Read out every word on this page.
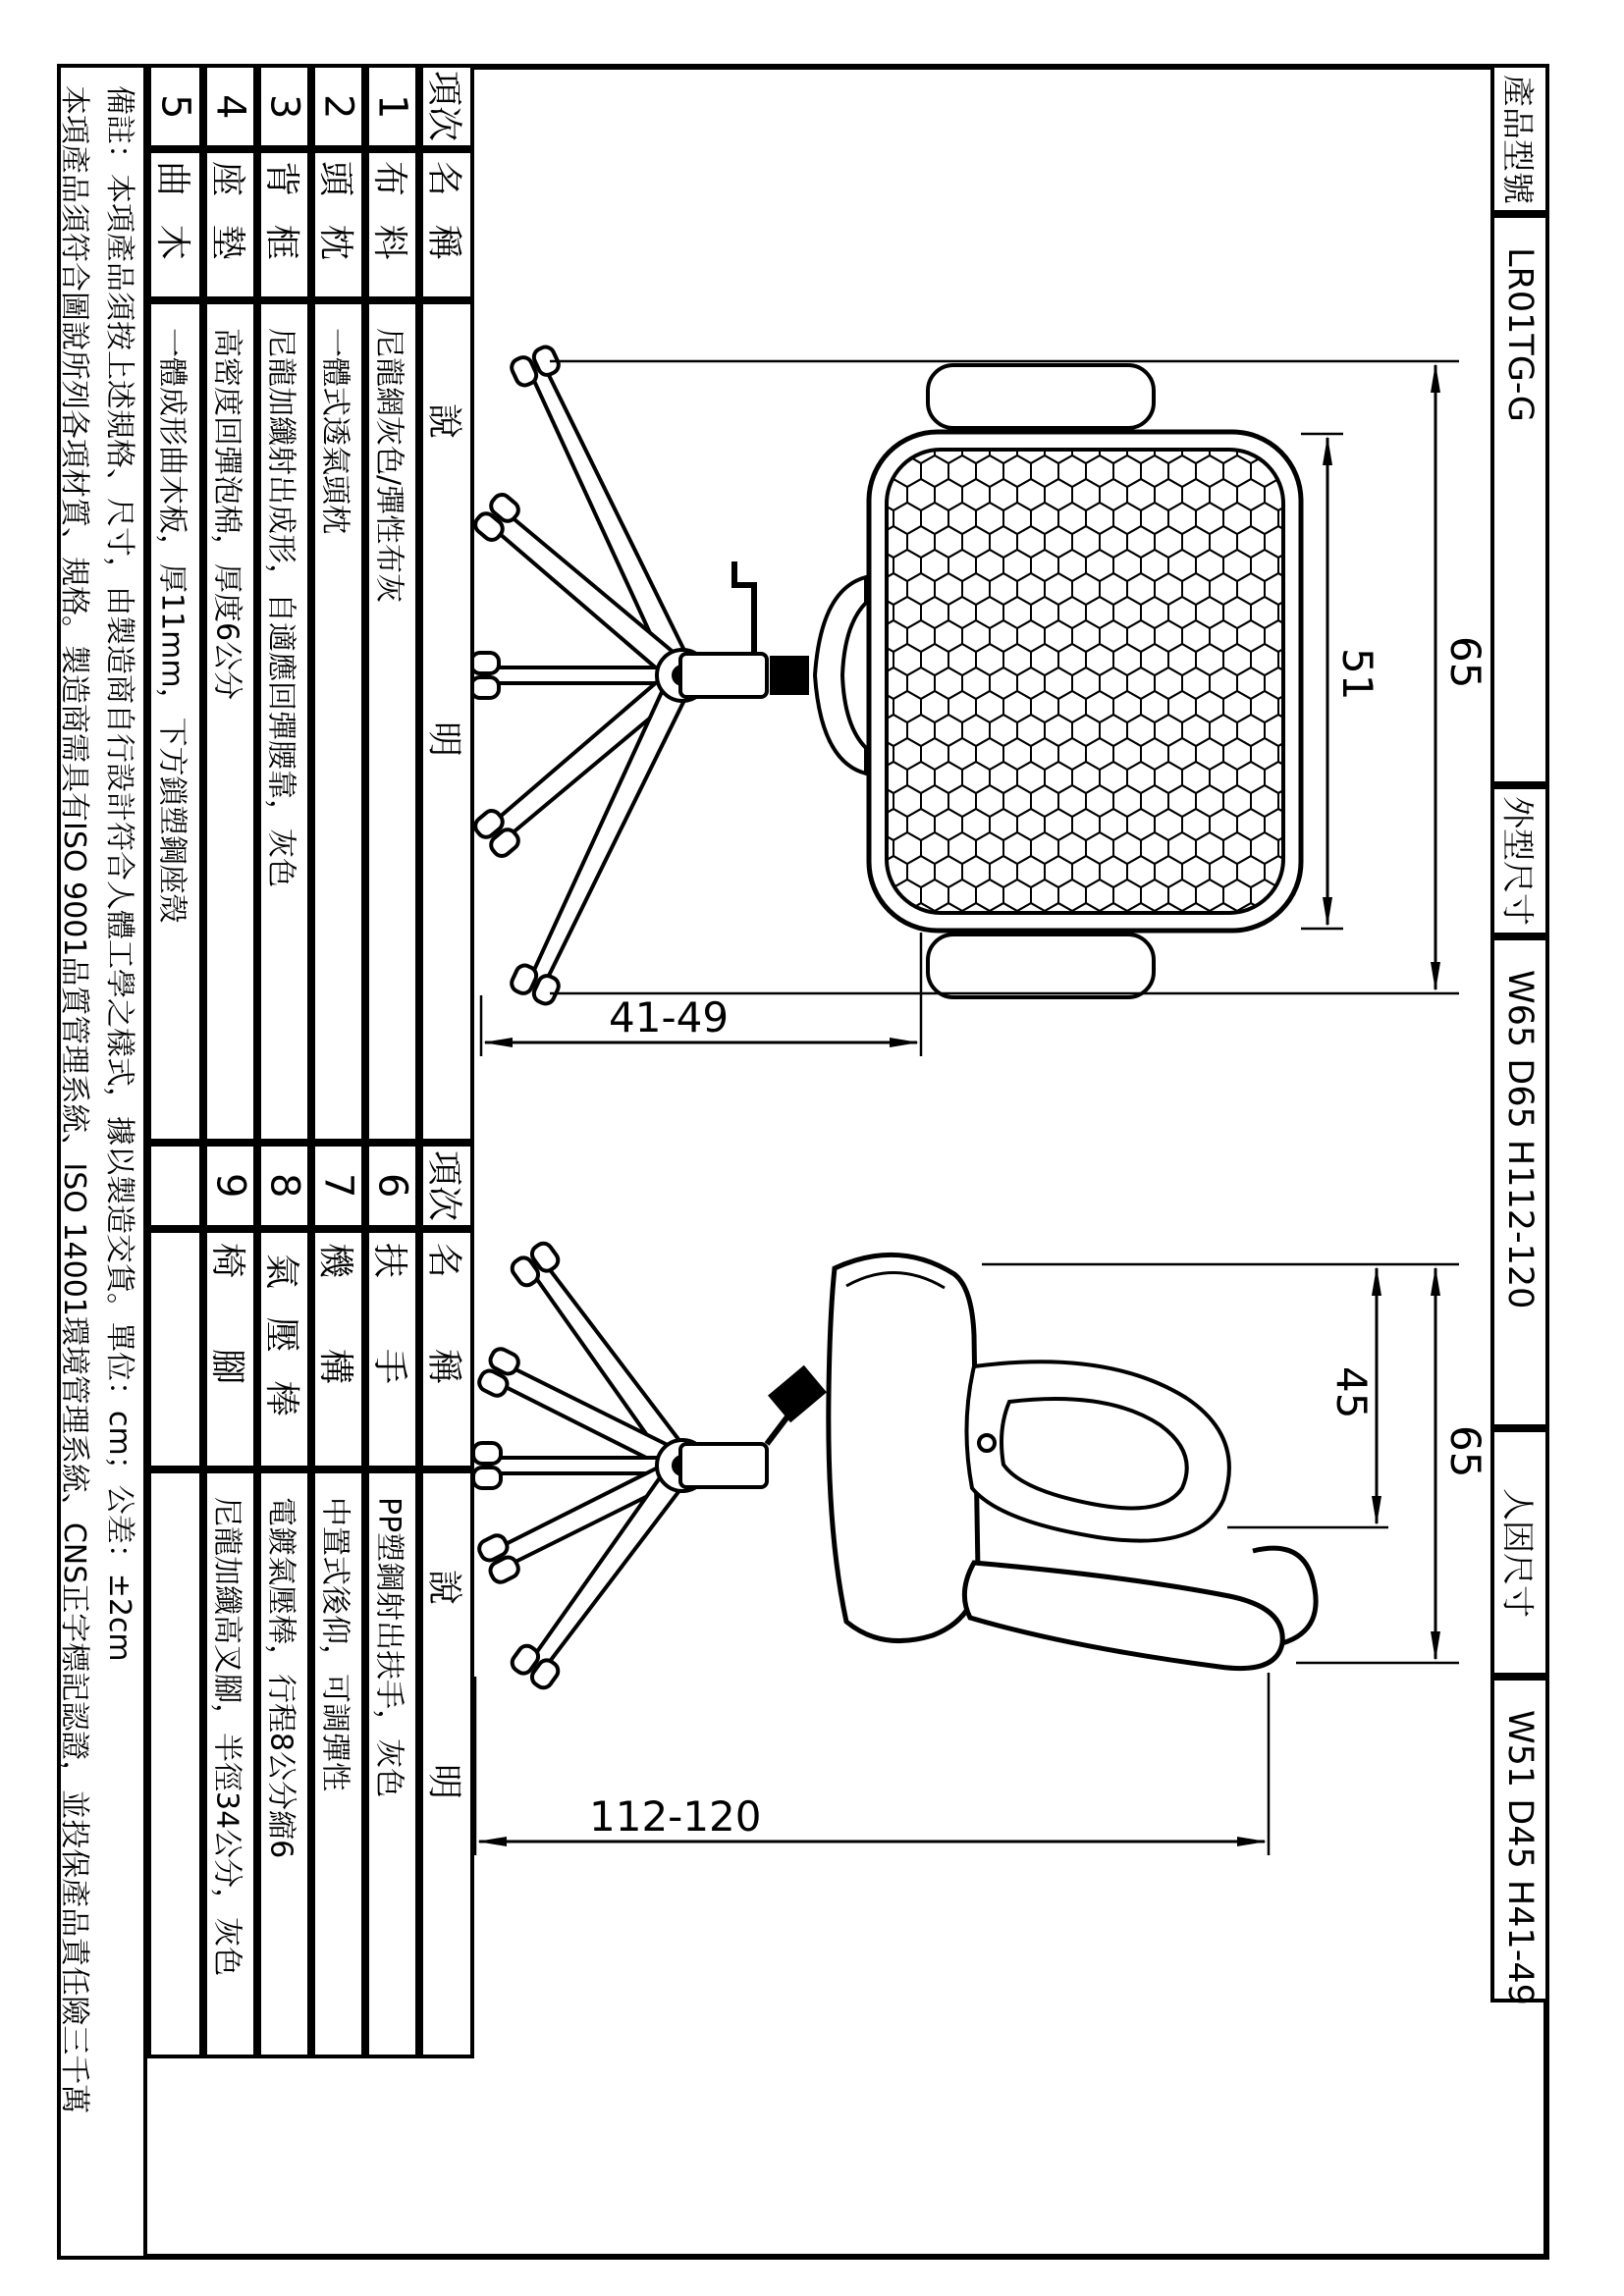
65
51
41-49
45
65
112-120
產品型號
LR01TG-G
外型尺寸
W65 D65 H112-120
人因尺寸
W51 D45 H41-49
備註：本項產品須按上述規格、尺寸，由製造商自行設計符合人體工學之樣式，據以製造交貨。單位：cm；公差：±2cm
本項產品須符合圖說所列各項材質、規格。製造商需具有ISO 9001品質管理系統、ISO 14001環境管理系統、CNS正字標記認證，並投保產品責任險三千萬	項次
名稱
說明
1
布料
尼龍網灰色/彈性布灰
2
頭枕
一體式透氣頭枕
3
背框
尼龍加纖射出成形，自適應回彈腰靠，灰色
4
座墊
高密度回彈泡棉，厚度6公分
5
曲木
一體成形曲木板，厚11mm，下方鎖塑鋼座殼
項次
名稱
說明
6
扶手
PP塑鋼射出扶手，灰色
7
機構
中置式後仰，可調彈性
8
氣壓棒
電鍍氣壓棒，行程8公分縮6
9
椅腳
尼龍加纖高叉腳，半徑34公分，灰色
